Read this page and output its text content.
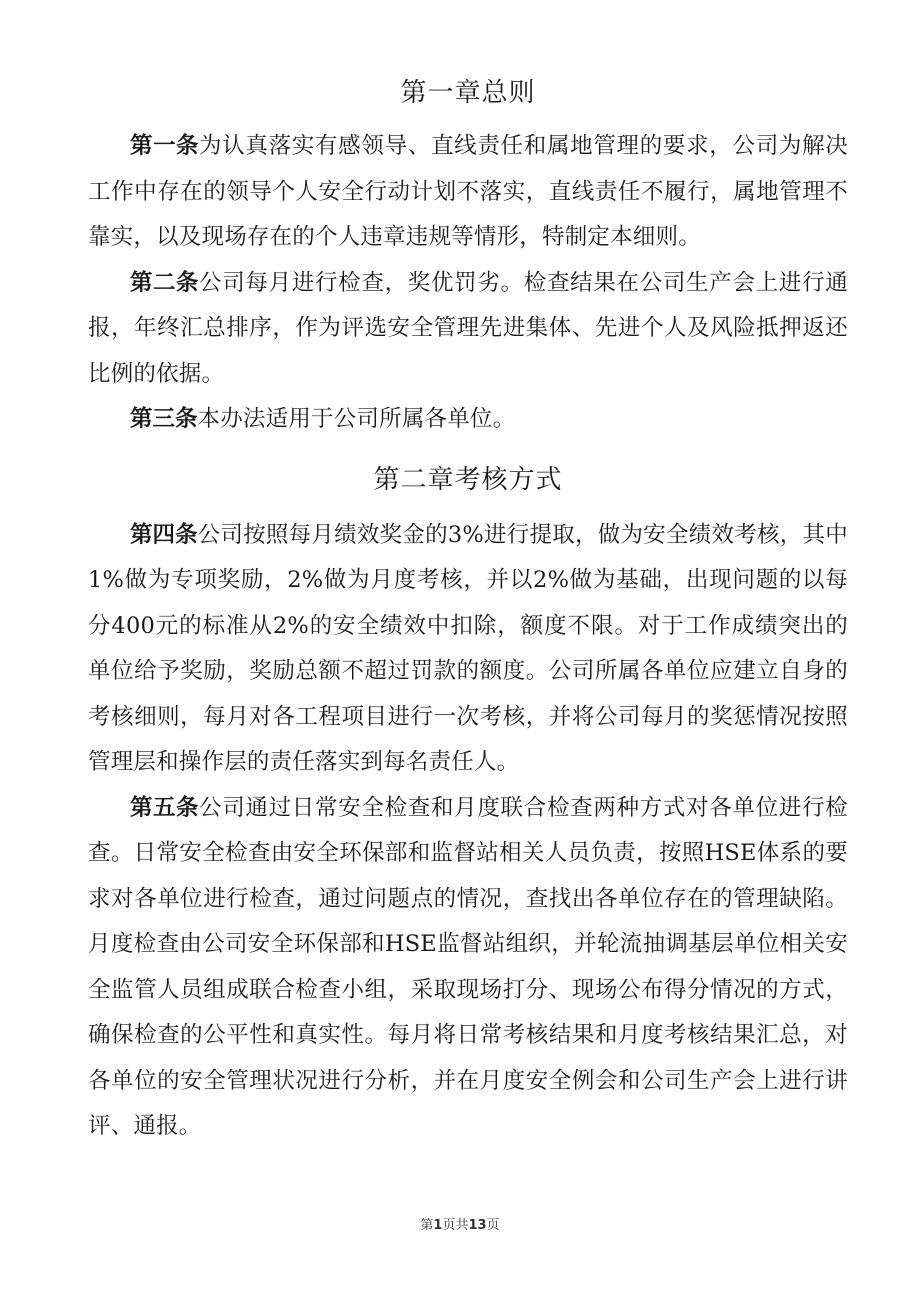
第一章总则

第一条为认真落实有感领导、直线责任和属地管理的要求，公司为解决工作中存在的领导个人安全行动计划不落实，直线责任不履行，属地管理不靠实，以及现场存在的个人违章违规等情形，特制定本细则。

第二条公司每月进行检查，奖优罚劣。检查结果在公司生产会上进行通报，年终汇总排序，作为评选安全管理先进集体、先进个人及风险抵押返还比例的依据。

第三条本办法适用于公司所属各单位。

第二章考核方式

第四条公司按照每月绩效奖金的3%进行提取，做为安全绩效考核，其中1%做为专项奖励，2%做为月度考核，并以2%做为基础，出现问题的以每分400元的标准从2%的安全绩效中扣除，额度不限。对于工作成绩突出的单位给予奖励，奖励总额不超过罚款的额度。公司所属各单位应建立自身的考核细则，每月对各工程项目进行一次考核，并将公司每月的奖惩情况按照管理层和操作层的责任落实到每名责任人。

第五条公司通过日常安全检查和月度联合检查两种方式对各单位进行检查。日常安全检查由安全环保部和监督站相关人员负责，按照HSE体系的要求对各单位进行检查，通过问题点的情况，查找出各单位存在的管理缺陷。月度检查由公司安全环保部和HSE监督站组织，并轮流抽调基层单位相关安全监管人员组成联合检查小组，采取现场打分、现场公布得分情况的方式，确保检查的公平性和真实性。每月将日常考核结果和月度考核结果汇总，对各单位的安全管理状况进行分析，并在月度安全例会和公司生产会上进行讲评、通报。

第1页共13页
